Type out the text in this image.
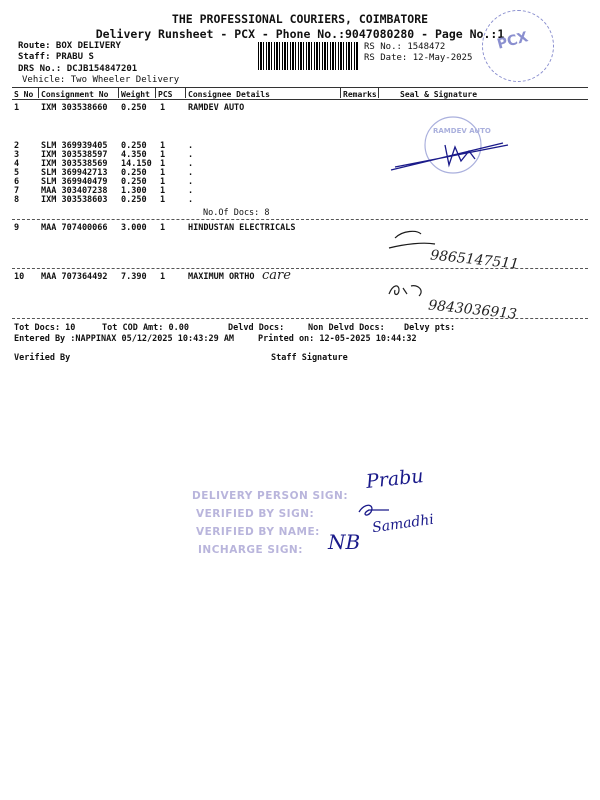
THE PROFESSIONAL COURIERS, COIMBATORE
Delivery Runsheet - PCX - Phone No.:9047080280 - Page No.:1
PCX
Route: BOX DELIVERY
Staff: PRABU S
DRS No.: DCJB154847201
Vehicle: Two Wheeler Delivery
RS No.: 1548472
RS Date: 12-May-2025
S No Consignment No Weight PCS Consignee Details	Remarks	Seal & Signature
1	IXM 303538660 0.250 1	RAMDEV AUTO
2	SLM 369939405 0.250 1	.
3	IXM 303538597 4.350 1	.
4	IXM 303538569 14.150 1	.
5	SLM 369942713 0.250 1	.
6	SLM 369940479 0.250 1	.
7	MAA 303407238 1.300 1	.
8	IXM 303538603 0.250 1	.
No.Of Docs: 8
RAMDEV AUTO
9	MAA 707400066 3.000 1	HINDUSTAN ELECTRICALS
9865147511
10 MAA 707364492 7.390 1	MAXIMUM ORTHO care
9843036913
Tot Docs: 10	Tot COD Amt: 0.00	Delvd Docs:	Non Delvd Docs: Delvy pts:
Entered By :NAPPINAX 05/12/2025 10:43:29 AM	Printed on: 12-05-2025 10:44:32
Verified By	Staff Signature
DELIVERY PERSON SIGN:
VERIFIED BY SIGN:
VERIFIED BY NAME:
INCHARGE SIGN:
Prabu
Samadhi
NB
